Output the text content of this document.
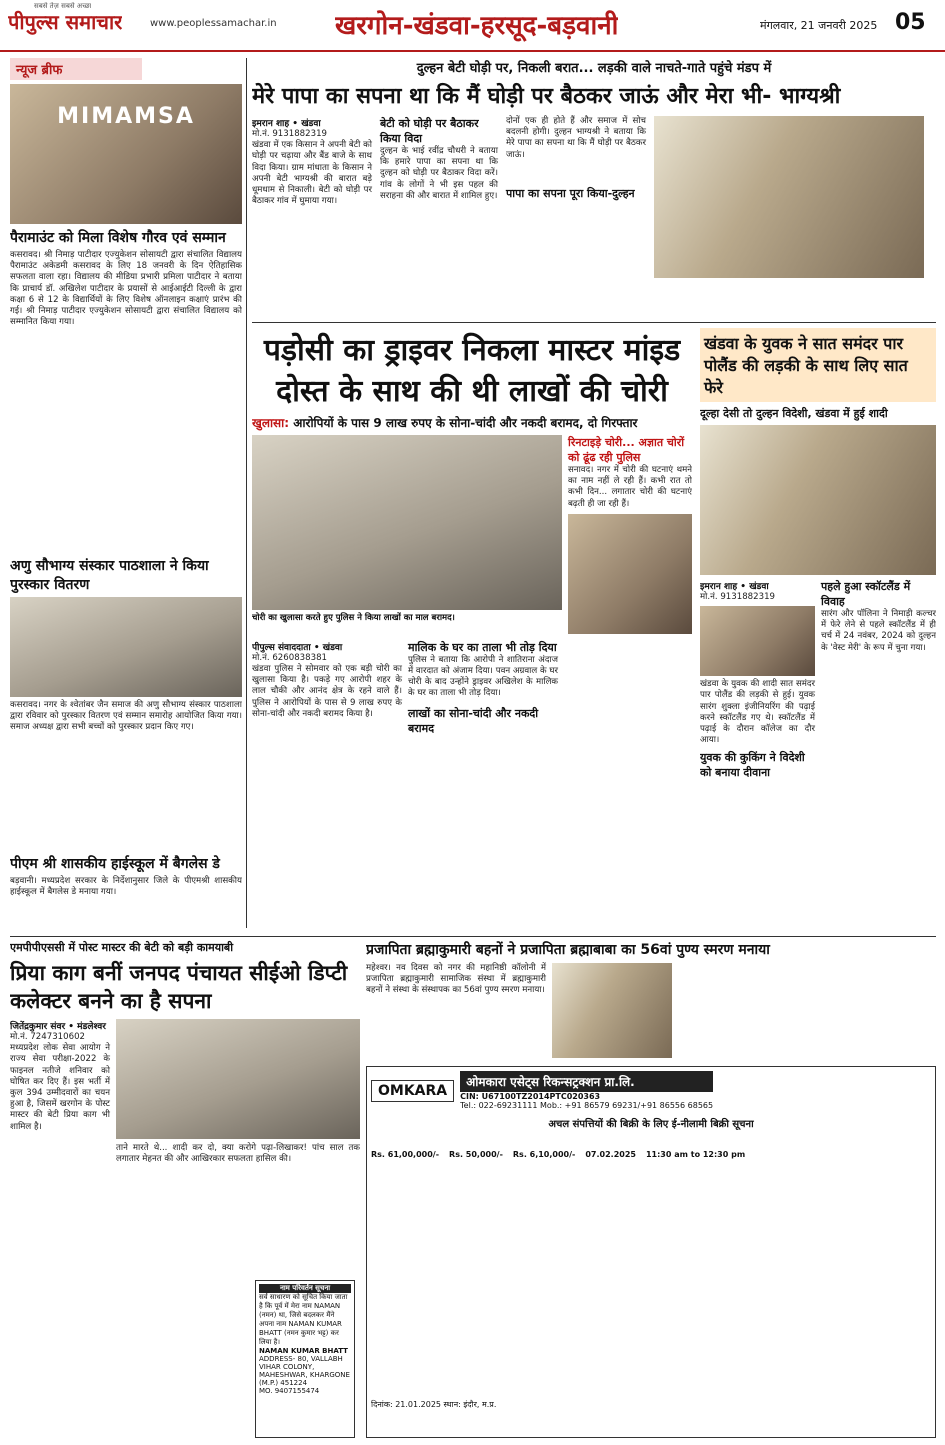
सबसे तेज़ सबसे अच्छा
पीपुल्स समाचार	www.peoplessamachar.in खरगोन-खंडवा-हरसूद-बड़वानी	मंगलवार, 21 जनवरी 2025 05
न्यूज ब्रीफ
MIMAMSA
पैरामाउंट को मिला विशेष गौरव एवं सम्मान
कसरावद। श्री निमाड़ पाटीदार एज्युकेशन सोसायटी द्वारा संचालित विद्यालय पैरामाउंट अकेडमी कसरावद के लिए 18 जनवरी के दिन ऐतिहासिक सफलता वाला रहा। विद्यालय की मीडिया प्रभारी प्रमिला पाटीदार ने बताया कि प्राचार्य डॉ. अखिलेश पाटीदार के प्रयासों से आईआईटी दिल्ली के द्वारा कक्षा 6 से 12 के विद्यार्थियों के लिए विशेष ऑनलाइन कक्षाएं प्रारंभ की गई। श्री निमाड़ पाटीदार एज्युकेशन सोसायटी द्वारा संचालित विद्यालय को सम्मानित किया गया।
अणु सौभाग्य संस्कार पाठशाला ने किया पुरस्कार वितरण
कसरावद। नगर के श्वेतांबर जैन समाज की अणु सौभाग्य संस्कार पाठशाला द्वारा रविवार को पुरस्कार वितरण एवं सम्मान समारोह आयोजित किया गया। समाज अध्यक्ष द्वारा सभी बच्चों को पुरस्कार प्रदान किए गए।
पीएम श्री शासकीय हाईस्कूल में बैगलेस डे
बड़वानी। मध्यप्रदेश सरकार के निर्देशानुसार जिले के पीएमश्री शासकीय हाईस्कूल में बैगलेस डे मनाया गया।
दुल्हन बेटी घोड़ी पर, निकली बरात... लड़की वाले नाचते-गाते पहुंचे मंडप में
मेरे पापा का सपना था कि मैं घोड़ी पर बैठकर जाऊं और मेरा भी- भाग्यश्री
इमरान शाह • खंडवा
मो.नं. 9131882319
खंडवा में एक किसान ने अपनी बेटी को घोड़ी पर चढ़ाया और बैंड बाजे के साथ विदा किया। ग्राम मांधाता के किसान ने अपनी बेटी भाग्यश्री की बारात बड़े धूमधाम से निकाली। बेटी को घोड़ी पर बैठाकर गांव में घुमाया गया।
बेटी को घोड़ी पर बैठाकर किया विदा
दुल्हन के भाई रवींद्र चौधरी ने बताया कि हमारे पापा का सपना था कि दुल्हन को घोड़ी पर बैठाकर विदा करें। गांव के लोगों ने भी इस पहल की सराहना की और बारात में शामिल हुए।
दोनों एक ही होते हैं और समाज में सोच बदलनी होगी। दुल्हन भाग्यश्री ने बताया कि मेरे पापा का सपना था कि मैं घोड़ी पर बैठकर जाऊं।
पापा का सपना पूरा किया-दुल्हन
पड़ोसी का ड्राइवर निकला मास्टर मांइड
दोस्त के साथ की थी लाखों की चोरी
खुलासा: आरोपियों के पास 9 लाख रुपए के सोना-चांदी और नकदी बरामद, दो गिरफ्तार
चोरी का खुलासा करते हुए पुलिस ने किया लाखों का माल बरामद।
रिनटाइड़े चोरी... अज्ञात चोरों को ढूंढ रही पुलिस
सनावद। नगर में चोरी की घटनाएं थमने का नाम नहीं ले रही हैं। कभी रात तो कभी दिन... लगातार चोरी की घटनाएं बढ़ती ही जा रही हैं।
पीपुल्स संवाददाता • खंडवा
मो.नं. 6260838381
खंडवा पुलिस ने सोमवार को एक बड़ी चोरी का खुलासा किया है। पकड़े गए आरोपी शहर के लाल चौकी और आनंद क्षेत्र के रहने वाले हैं। पुलिस ने आरोपियों के पास से 9 लाख रुपए के सोना-चांदी और नकदी बरामद किया है।
मालिक के घर का ताला भी तोड़ दिया
पुलिस ने बताया कि आरोपी ने शातिराना अंदाज में वारदात को अंजाम दिया। पवन अग्रवाल के घर चोरी के बाद उन्होंने ड्राइवर अखिलेश के मालिक के घर का ताला भी तोड़ दिया।
लाखों का सोना-चांदी और नकदी बरामद
खंडवा के युवक ने सात समंदर पार पोलैंड की लड़की के साथ लिए सात फेरे
दूल्हा देसी तो दुल्हन विदेशी, खंडवा में हुई शादी
इमरान शाह • खंडवा
मो.नं. 9131882319
खंडवा के युवक की शादी सात समंदर पार पोलैंड की लड़की से हुई। युवक सारंग शुक्ला इंजीनियरिंग की पढ़ाई करने स्कॉटलैंड गए थे। स्कॉटलैंड में पढ़ाई के दौरान कॉलेज का दौर आया।
युवक की कुकिंग ने विदेशी को बनाया दीवाना
पहले हुआ स्कॉटलैंड में विवाह
सारंग और पॉलिना ने निमाड़ी कल्चर में फेरे लेने से पहले स्कॉटलैंड में ही चर्च में 24 नवंबर, 2024 को दुल्हन के 'वेस्ट मेरी' के रूप में चुना गया।
एमपीपीएससी में पोस्ट मास्टर की बेटी को बड़ी कामयाबी
प्रिया काग बनीं जनपद पंचायत सीईओ डिप्टी कलेक्टर बनने का है सपना
जितेंद्रकुमार संवर • मंडलेश्वर
मो.नं. 7247310602
मध्यप्रदेश लोक सेवा आयोग ने राज्य सेवा परीक्षा-2022 के फाइनल नतीजे शनिवार को घोषित कर दिए हैं। इस भर्ती में कुल 394 उम्मीदवारों का चयन हुआ है, जिसमें खरगोन के पोस्ट मास्टर की बेटी प्रिया काग भी शामिल है।
ताने मारते थे... शादी कर दो, क्या करोगे पढ़ा-लिखाकर! पांच साल तक लगातार मेहनत की और आखिरकार सफलता हासिल की।
नाम परिवर्तन सूचना
सर्व साधारण को सूचित किया जाता है कि पूर्व में मेरा नाम NAMAN (नमन) था, जिसे बदलकर मैंने अपना नाम NAMAN KUMAR BHATT (नमन कुमार भट्ट) कर लिया है।
NAMAN KUMAR BHATT
ADDRESS- 80, VALLABH VIHAR COLONY, MAHESHWAR, KHARGONE (M.P.) 451224
MO. 9407155474
प्रजापिता ब्रह्माकुमारी बहनों ने प्रजापिता ब्रह्माबाबा का 56वां पुण्य स्मरण मनाया
महेश्वर। नव दिवस को नगर की महानिष्ठी कॉलोनी में प्रजापिता ब्रह्माकुमारी सामाजिक संस्था में ब्रह्माकुमारी बहनों ने संस्था के संस्थापक का 56वां पुण्य स्मरण मनाया।
OMKARA
ओमकारा एसेट्स रिकन्सट्रक्शन प्रा.लि.
CIN: U67100TZ2014PTC020363
Tel.: 022-69231111 Mob.: +91 86579 69231/+91 86556 68565
अचल संपत्तियों की बिक्री के लिए ई-नीलामी बिक्री सूचना
Rs. 61,00,000/- Rs. 50,000/- Rs. 6,10,000/- 07.02.2025 11:30 am to 12:30 pm
दिनांक: 21.01.2025 स्थान: इंदौर, म.प्र.
